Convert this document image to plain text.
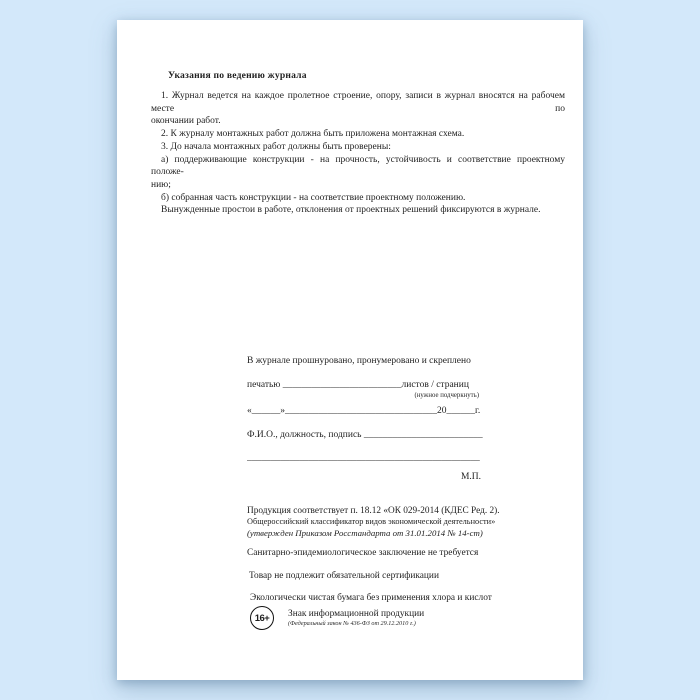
Указания по ведению журнала
1. Журнал ведется на каждое пролетное строение, опору, записи в журнал вносятся на рабочем месте по
окончании работ.
2. К журналу монтажных работ должна быть приложена монтажная схема.
3. До начала монтажных работ должны быть проверены:
а) поддерживающие конструкции - на прочность, устойчивость и соответствие проектному положе-
нию;
б) собранная часть конструкции - на соответствие проектному положению.
Вынужденные простои в работе, отклонения от проектных решений фиксируются в журнале.
В журнале прошнуровано, пронумеровано и скреплено
печатью _________________________листов / страниц
(нужное подчеркнуть)
«______»________________________________20______г.
Ф.И.О., должность, подпись _________________________
_________________________________________________
М.П.
Продукция соответствует п. 18.12 «ОК 029-2014 (КДЕС Ред. 2).
Общероссийский классификатор видов экономической деятельности»
(утвержден Приказом Росстандарта от 31.01.2014 № 14-ст)
Санитарно-эпидемиологическое заключение не требуется
Товар не подлежит обязательной сертификации
Экологически чистая бумага без применения хлора и кислот
16+	Знак информационной продукции
(Федеральный закон № 436-ФЗ от 29.12.2010 г.)
